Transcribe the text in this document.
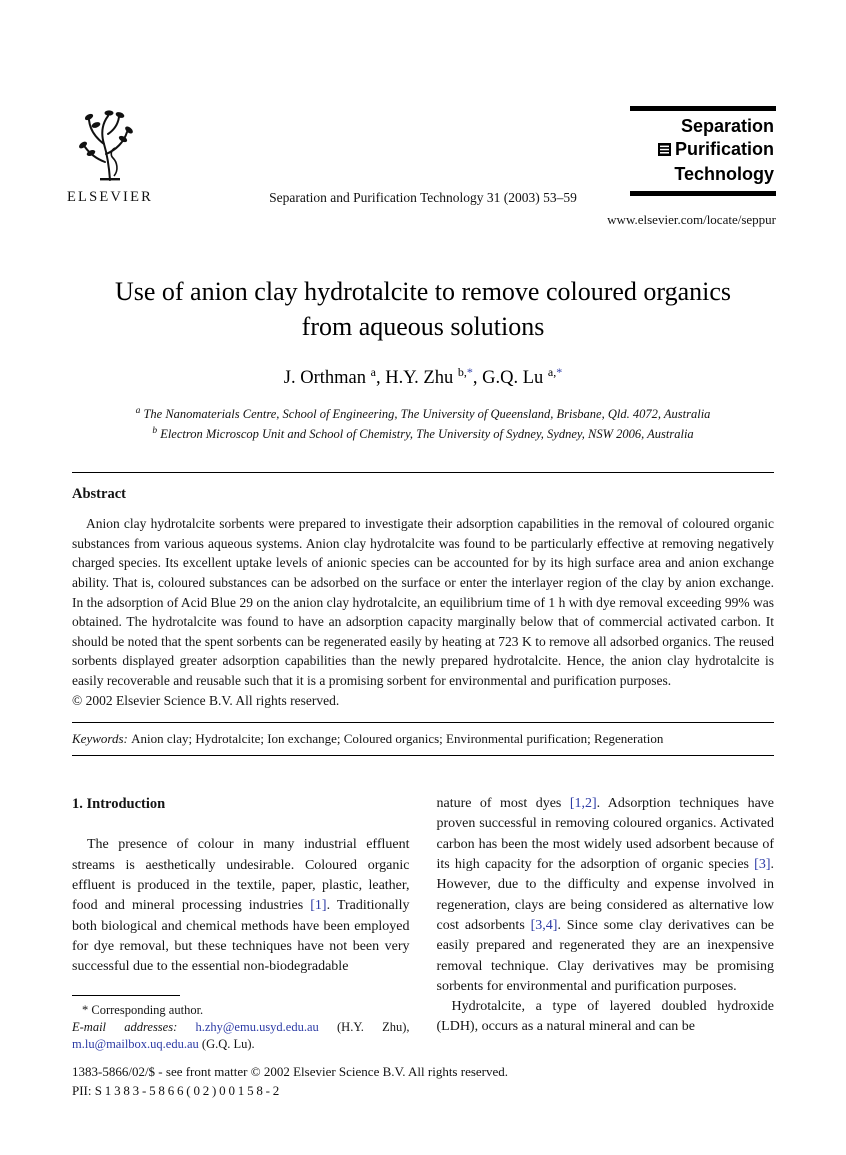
ELSEVIER	Separation and Purification Technology 31 (2003) 53–59
Separation
Purification
Technology
www.elsevier.com/locate/seppur
Use of anion clay hydrotalcite to remove coloured organics
from aqueous solutions
J. Orthman $^a$, H.Y. Zhu $^{b,*}$, G.Q. Lu $^{a,*}$
$^a$ The Nanomaterials Centre, School of Engineering, The University of Queensland, Brisbane, Qld. 4072, Australia
$^b$ Electron Microscop Unit and School of Chemistry, The University of Sydney, Sydney, NSW 2006, Australia
Abstract

Anion clay hydrotalcite sorbents were prepared to investigate their adsorption capabilities in the removal of coloured organic substances from various aqueous systems. Anion clay hydrotalcite was found to be particularly effective at removing negatively charged species. Its excellent uptake levels of anionic species can be accounted for by its high surface area and anion exchange ability. That is, coloured substances can be adsorbed on the surface or enter the interlayer region of the clay by anion exchange. In the adsorption of Acid Blue 29 on the anion clay hydrotalcite, an equilibrium time of 1 h with dye removal exceeding 99% was obtained. The hydrotalcite was found to have an adsorption capacity marginally below that of commercial activated carbon. It should be noted that the spent sorbents can be regenerated easily by heating at 723 K to remove all adsorbed organics. The reused sorbents displayed greater adsorption capabilities than the newly prepared hydrotalcite. Hence, the anion clay hydrotalcite is easily recoverable and reusable such that it is a promising sorbent for environmental and purification purposes.

© 2002 Elsevier Science B.V. All rights reserved.

Keywords: Anion clay; Hydrotalcite; Ion exchange; Coloured organics; Environmental purification; Regeneration
1. Introduction

The presence of colour in many industrial effluent streams is aesthetically undesirable. Coloured organic effluent is produced in the textile, paper, plastic, leather, food and mineral processing industries [1]. Traditionally both biological and chemical methods have been employed for dye removal, but these techniques have not been very successful due to the essential non-biodegradable

* Corresponding author.

E-mail addresses: h.zhy@emu.usyd.edu.au (H.Y. Zhu), m.lu@mailbox.uq.edu.au (G.Q. Lu).

nature of most dyes [1,2]. Adsorption techniques have proven successful in removing coloured organics. Activated carbon has been the most widely used adsorbent because of its high capacity for the adsorption of organic species [3]. However, due to the difficulty and expense involved in regeneration, clays are being considered as alternative low cost adsorbents [3,4]. Since some clay derivatives can be easily prepared and regenerated they are an inexpensive removal technique. Clay derivatives may be promising sorbents for environmental and purification purposes.

Hydrotalcite, a type of layered doubled hydroxide (LDH), occurs as a natural mineral and can be

1383-5866/02/$ - see front matter © 2002 Elsevier Science B.V. All rights reserved.

PII: S1383-5866(02)00158-2
